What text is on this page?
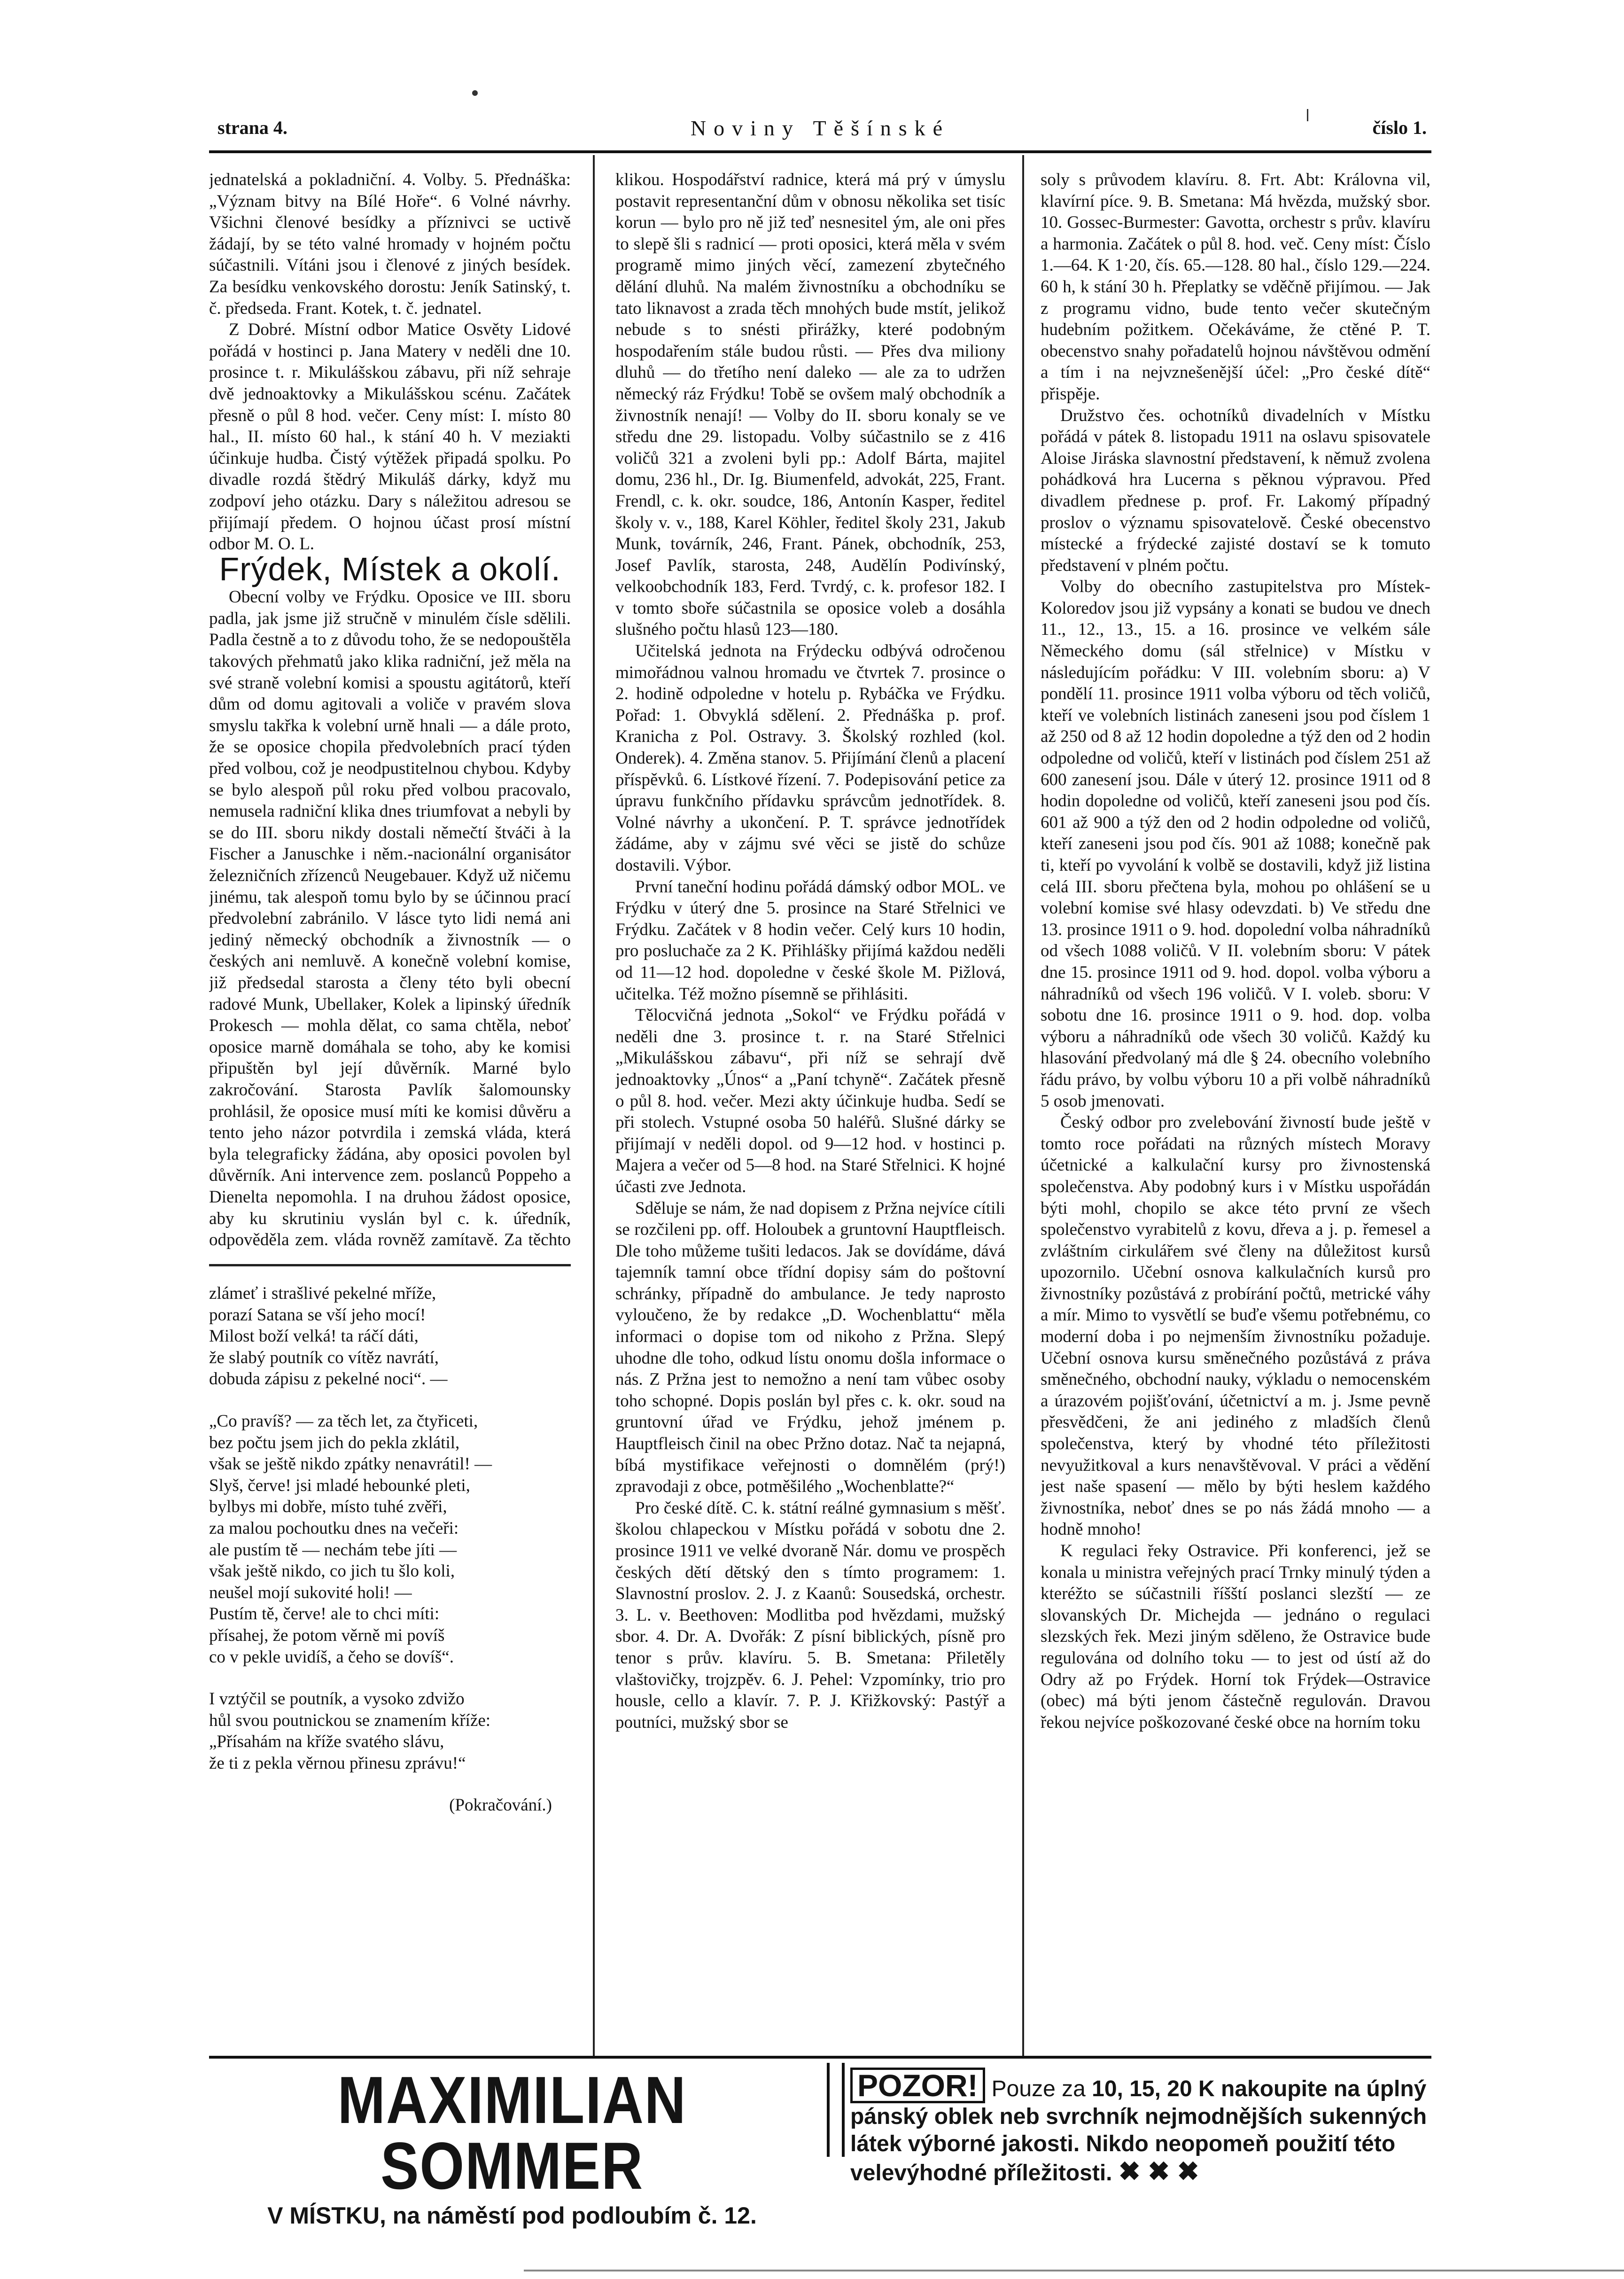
strana 4.	Noviny Těšínské	číslo 1.

jednatelská a pokladniční. 4. Volby. 5. Přednáška: „Význam bitvy na Bílé Hoře“. 6 Volné návrhy. Všichni členové besídky a příznivci se uctivě žádají, by se této valné hromady v hojném počtu súčastnili. Vítáni jsou i členové z jiných besídek. Za besídku venkovského dorostu: Jeník Satinský, t. č. předseda. Frant. Kotek, t. č. jednatel.

Z Dobré. Místní odbor Matice Osvěty Lidové pořádá v hostinci p. Jana Matery v neděli dne 10. prosince t. r. Mikulášskou zábavu, při níž sehraje dvě jednoaktovky a Mikulášskou scénu. Začátek přesně o půl 8 hod. večer. Ceny míst: I. místo 80 hal., II. místo 60 hal., k stání 40 h. V meziakti účinkuje hudba. Čistý výtěžek připadá spolku. Po divadle rozdá štědrý Mikuláš dárky, když mu zodpoví jeho otázku. Dary s náležitou adresou se přijímají předem. O hojnou účast prosí místní odbor M. O. L.

Frýdek, Místek a okolí.

Obecní volby ve Frýdku. Oposice ve III. sboru padla, jak jsme již stručně v minulém čísle sdělili. Padla čestně a to z důvodu toho, že se nedopouštěla takových přehmatů jako klika radniční, jež měla na své straně volební komisi a spoustu agitátorů, kteří dům od domu agitovali a voliče v pravém slova smyslu takřka k volební urně hnali — a dále proto, že se oposice chopila předvolebních prací týden před volbou, což je neodpustitelnou chybou. Kdyby se bylo alespoň půl roku před volbou pracovalo, nemusela radniční klika dnes triumfovat a nebyli by se do III. sboru nikdy dostali němečtí štváči à la Fischer a Januschke i něm.-nacionální organisátor železničních zřízenců Neugebauer. Když už ničemu jinému, tak alespoň tomu bylo by se účinnou prací předvolební zabránilo. V lásce tyto lidi nemá ani jediný německý obchodník a živnostník — o českých ani nemluvě. A konečně volební komise, již předsedal starosta a členy této byli obecní radové Munk, Ubellaker, Kolek a lipinský úředník Prokesch — mohla dělat, co sama chtěla, neboť oposice marně domáhala se toho, aby ke komisi připuštěn byl její důvěrník. Marné bylo zakročování. Starosta Pavlík šalomounsky prohlásil, že oposice musí míti ke komisi důvěru a tento jeho názor potvrdila i zemská vláda, která byla telegraficky žádána, aby oposici povolen byl důvěrník. Ani intervence zem. poslanců Poppeho a Dienelta nepomohla. I na druhou žádost oposice, aby ku skrutiniu vyslán byl c. k. úředník, odpověděla zem. vláda rovněž zamítavě. Za těchto

zlámeť i strašlivé pekelné mříže,

porazí Satana se vší jeho mocí!

Milost boží velká! ta ráčí dáti,

že slabý poutník co vítěz navrátí,

dobuda zápisu z pekelné noci“. —

„Co pravíš? — za těch let, za čtyřiceti,

bez počtu jsem jich do pekla zklátil,

však se ještě nikdo zpátky nenavrátil! —

Slyš, červe! jsi mladé hebounké pleti,

bylbys mi dobře, místo tuhé zvěři,

za malou pochoutku dnes na večeři:

ale pustím tě — nechám tebe jíti —

však ještě nikdo, co jich tu šlo koli,

neušel mojí sukovité holi! —

Pustím tě, červe! ale to chci míti:

přísahej, že potom věrně mi povíš

co v pekle uvidíš, a čeho se dovíš“.

I vztýčil se poutník, a vysoko zdvižo

hůl svou poutnickou se znamením kříže:

„Přísahám na kříže svatého slávu,

že ti z pekla věrnou přinesu zprávu!“

(Pokračování.)

klikou. Hospodářství radnice, která má prý v úmyslu postavit representanční dům v obnosu několika set tisíc korun — bylo pro ně již teď nesnesitel ým, ale oni přes to slepě šli s radnicí — proti oposici, která měla v svém programě mimo jiných věcí, zamezení zbytečného dělání dluhů. Na malém živnostníku a obchodníku se tato liknavost a zrada těch mnohých bude mstít, jelikož nebude s to snésti přirážky, které podobným hospodařením stále budou růsti. — Přes dva miliony dluhů — do třetího není daleko — ale za to udržen německý ráz Frýdku! Tobě se ovšem malý obchodník a živnostník nenají! — Volby do II. sboru konaly se ve středu dne 29. listopadu. Volby súčastnilo se z 416 voličů 321 a zvoleni byli pp.: Adolf Bárta, majitel domu, 236 hl., Dr. Ig. Biumenfeld, advokát, 225, Frant. Frendl, c. k. okr. soudce, 186, Antonín Kasper, ředitel školy v. v., 188, Karel Köhler, ředitel školy 231, Jakub Munk, továrník, 246, Frant. Pánek, obchodník, 253, Josef Pavlík, starosta, 248, Audělín Podivínský, velkoobchodník 183, Ferd. Tvrdý, c. k. profesor 182. I v tomto sboře súčastnila se oposice voleb a dosáhla slušného počtu hlasů 123—180.

Učitelská jednota na Frýdecku odbývá odročenou mimořádnou valnou hromadu ve čtvrtek 7. prosince o 2. hodině odpoledne v hotelu p. Rybáčka ve Frýdku. Pořad: 1. Obvyklá sdělení. 2. Přednáška p. prof. Kranicha z Pol. Ostravy. 3. Školský rozhled (kol. Onderek). 4. Změna stanov. 5. Přijímání členů a placení příspěvků. 6. Lístkové řízení. 7. Podepisování petice za úpravu funkčního přídavku správcům jednotřídek. 8. Volné návrhy a ukončení. P. T. správce jednotřídek žádáme, aby v zájmu své věci se jistě do schůze dostavili. Výbor.

První taneční hodinu pořádá dámský odbor MOL. ve Frýdku v úterý dne 5. prosince na Staré Střelnici ve Frýdku. Začátek v 8 hodin večer. Celý kurs 10 hodin, pro posluchače za 2 K. Přihlášky přijímá každou neděli od 11—12 hod. dopoledne v české škole M. Pižlová, učitelka. Též možno písemně se přihlásiti.

Tělocvičná jednota „Sokol“ ve Frýdku pořádá v neděli dne 3. prosince t. r. na Staré Střelnici „Mikulášskou zábavu“, při níž se sehrají dvě jednoaktovky „Únos“ a „Paní tchyně“. Začátek přesně o půl 8. hod. večer. Mezi akty účinkuje hudba. Sedí se při stolech. Vstupné osoba 50 haléřů. Slušné dárky se přijímají v neděli dopol. od 9—12 hod. v hostinci p. Majera a večer od 5—8 hod. na Staré Střelnici. K hojné účasti zve Jednota.

Sděluje se nám, že nad dopisem z Pržna nejvíce cítili se rozčileni pp. off. Holoubek a gruntovní Hauptfleisch. Dle toho můžeme tušiti ledacos. Jak se dovídáme, dává tajemník tamní obce třídní dopisy sám do poštovní schránky, případně do ambulance. Je tedy naprosto vyloučeno, že by redakce „D. Wochenblattu“ měla informaci o dopise tom od nikoho z Pržna. Slepý uhodne dle toho, odkud lístu onomu došla informace o nás. Z Pržna jest to nemožno a není tam vůbec osoby toho schopné. Dopis poslán byl přes c. k. okr. soud na gruntovní úřad ve Frýdku, jehož jménem p. Hauptfleisch činil na obec Pržno dotaz. Nač ta nejapná, bíbá mystifikace veřejnosti o domnělém (prý!) zpravodaji z obce, potměšilého „Wochenblatte?“

Pro české dítě. C. k. státní reálné gymnasium s měšť. školou chlapeckou v Místku pořádá v sobotu dne 2. prosince 1911 ve velké dvoraně Nár. domu ve prospěch českých dětí dětský den s tímto programem: 1. Slavnostní proslov. 2. J. z Kaanů: Sousedská, orchestr. 3. L. v. Beethoven: Modlitba pod hvězdami, mužský sbor. 4. Dr. A. Dvořák: Z písní biblických, písně pro tenor s prův. klavíru. 5. B. Smetana: Přiletěly vlaštovičky, trojzpěv. 6. J. Pehel: Vzpomínky, trio pro housle, cello a klavír. 7. P. J. Křižkovský: Pastýř a poutníci, mužský sbor se

soly s průvodem klavíru. 8. Frt. Abt: Královna vil, klavírní píce. 9. B. Smetana: Má hvězda, mužský sbor. 10. Gossec-Burmester: Gavotta, orchestr s prův. klavíru a harmonia. Začátek o půl 8. hod. več. Ceny míst: Číslo 1.—64. K 1·20, čís. 65.—128. 80 hal., číslo 129.—224. 60 h, k stání 30 h. Přeplatky se vděčně přijímou. — Jak z programu vidno, bude tento večer skutečným hudebním požitkem. Očekáváme, že ctěné P. T. obecenstvo snahy pořadatelů hojnou návštěvou odmění a tím i na nejvznešenější účel: „Pro české dítě“ přispěje.

Družstvo čes. ochotníků divadelních v Místku pořádá v pátek 8. listopadu 1911 na oslavu spisovatele Aloise Jiráska slavnostní představení, k němuž zvolena pohádková hra Lucerna s pěknou výpravou. Před divadlem přednese p. prof. Fr. Lakomý případný proslov o významu spisovatelově. České obecenstvo místecké a frýdecké zajisté dostaví se k tomuto představení v plném počtu.

Volby do obecního zastupitelstva pro Místek-Koloredov jsou již vypsány a konati se budou ve dnech 11., 12., 13., 15. a 16. prosince ve velkém sále Německého domu (sál střelnice) v Místku v následujícím pořádku: V III. volebním sboru: a) V pondělí 11. prosince 1911 volba výboru od těch voličů, kteří ve volebních listinách zaneseni jsou pod číslem 1 až 250 od 8 až 12 hodin dopoledne a týž den od 2 hodin odpoledne od voličů, kteří v listinách pod číslem 251 až 600 zanesení jsou. Dále v úterý 12. prosince 1911 od 8 hodin dopoledne od voličů, kteří zaneseni jsou pod čís. 601 až 900 a týž den od 2 hodin odpoledne od voličů, kteří zaneseni jsou pod čís. 901 až 1088; konečně pak ti, kteří po vyvolání k volbě se dostavili, když již listina celá III. sboru přečtena byla, mohou po ohlášení se u volební komise své hlasy odevzdati. b) Ve středu dne 13. prosince 1911 o 9. hod. dopolední volba náhradníků od všech 1088 voličů. V II. volebním sboru: V pátek dne 15. prosince 1911 od 9. hod. dopol. volba výboru a náhradníků od všech 196 voličů. V I. voleb. sboru: V sobotu dne 16. prosince 1911 o 9. hod. dop. volba výboru a náhradníků ode všech 30 voličů. Každý ku hlasování předvolaný má dle § 24. obecního volebního řádu právo, by volbu výboru 10 a při volbě náhradníků 5 osob jmenovati.

Český odbor pro zvelebování živností bude ještě v tomto roce pořádati na různých místech Moravy účetnické a kalkulační kursy pro živnostenská společenstva. Aby podobný kurs i v Místku uspořádán býti mohl, chopilo se akce této první ze všech společenstvo vyrabitelů z kovu, dřeva a j. p. řemesel a zvláštním cirkulářem své členy na důležitost kursů upozornilo. Učební osnova kalkulačních kursů pro živnostníky pozůstává z probírání počtů, metrické váhy a mír. Mimo to vysvětlí se buďe všemu potřebnému, co moderní doba i po nejmenším živnostníku požaduje. Učební osnova kursu směnečného pozůstává z práva směnečného, obchodní nauky, výkladu o nemocenském a úrazovém pojišťování, účetnictví a m. j. Jsme pevně přesvědčeni, že ani jediného z mladších členů společenstva, který by vhodné této příležitosti nevyužitkoval a kurs nenavštěvoval. V práci a vědění jest naše spasení — mělo by býti heslem každého živnostníka, neboť dnes se po nás žádá mnoho — a hodně mnoho!

K regulaci řeky Ostravice. Při konferenci, jež se konala u ministra veřejných prací Trnky minulý týden a kteréžto se súčastnili říšští poslanci slezští — ze slovanských Dr. Michejda — jednáno o regulaci slezských řek. Mezi jiným sděleno, že Ostravice bude regulována od dolního toku — to jest od ústí až do Odry až po Frýdek. Horní tok Frýdek—Ostravice (obec) má býti jenom částečně regulován. Dravou řekou nejvíce poškozované české obce na horním toku

MAXIMILIAN SOMMER
V MÍSTKU, na náměstí pod podloubím č. 12.
POZOR! Pouze za 10, 15, 20 K nakoupite na úplný pánský oblek neb svrchník nejmodnějších sukenných látek výborné jakosti. Nikdo neopomeň použití této velevýhodné příležitosti. ✖ ✖ ✖
